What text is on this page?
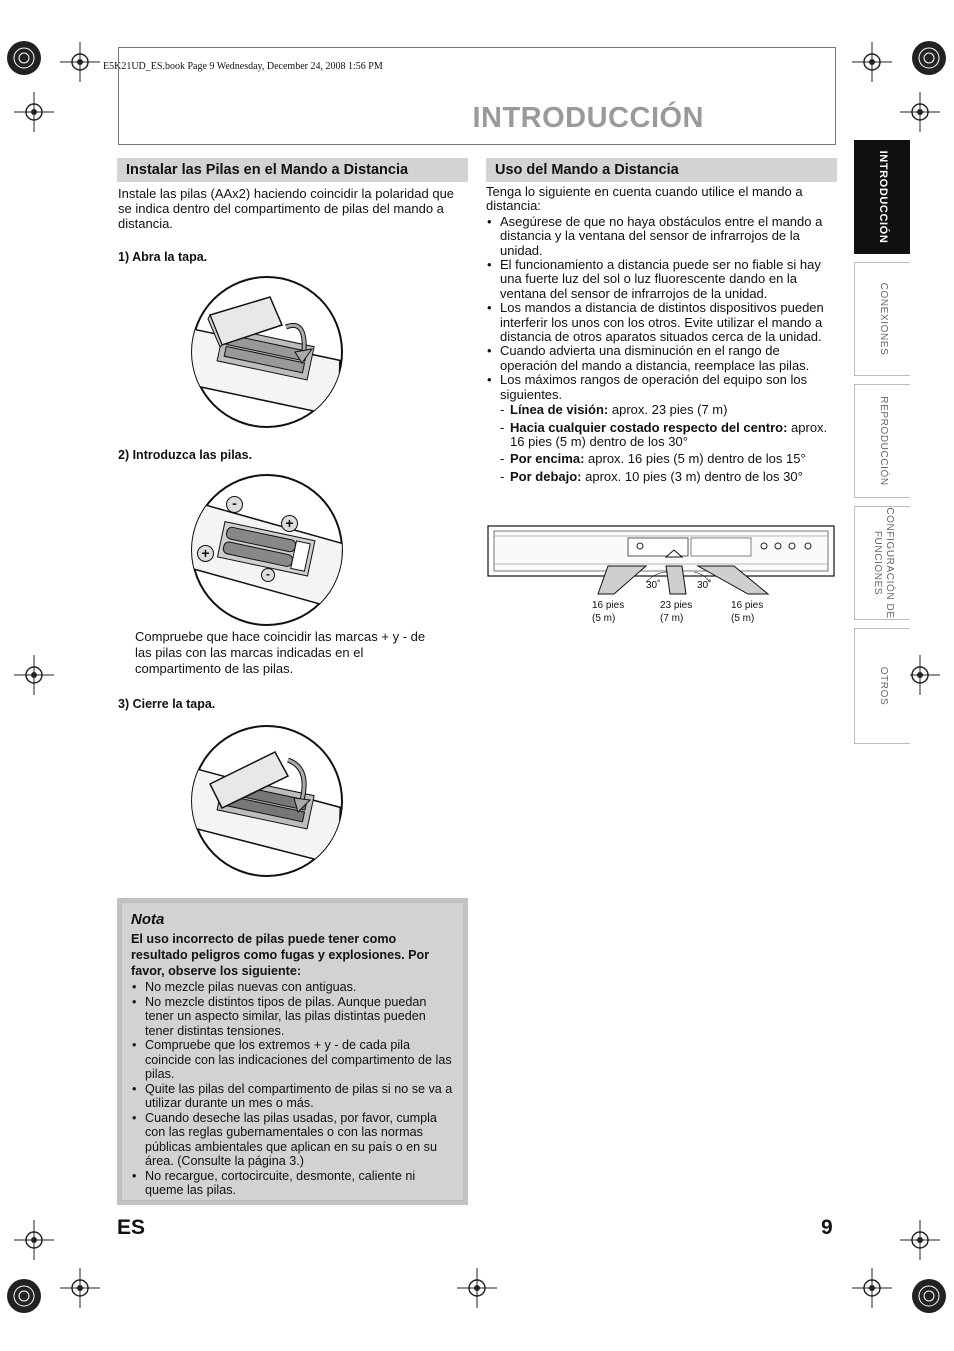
E5K21UD_ES.book Page 9 Wednesday, December 24, 2008 1:56 PM
INTRODUCCIÓN
Instalar las Pilas en el Mando a Distancia
Instale las pilas (AAx2) haciendo coincidir la polaridad que se indica dentro del compartimento de pilas del mando a distancia.
1) Abra la tapa.
2) Introduzca las pilas.
-
+
+
-
Compruebe que hace coincidir las marcas + y - de las pilas con las marcas indicadas en el compartimento de las pilas.
3) Cierre la tapa.
Nota
El uso incorrecto de pilas puede tener como resultado peligros como fugas y explosiones. Por favor, observe los siguiente:
• No mezcle pilas nuevas con antiguas.
• No mezcle distintos tipos de pilas. Aunque puedan tener un aspecto similar, las pilas distintas pueden tener distintas tensiones.
• Compruebe que los extremos + y - de cada pila coincide con las indicaciones del compartimento de las pilas.
• Quite las pilas del compartimento de pilas si no se va a utilizar durante un mes o más.
• Cuando deseche las pilas usadas, por favor, cumpla con las reglas gubernamentales o con las normas públicas ambientales que aplican en su país o en su área. (Consulte la página 3.)
• No recargue, cortocircuite, desmonte, caliente ni queme las pilas.
Uso del Mando a Distancia
Tenga lo siguiente en cuenta cuando utilice el mando a distancia:
• Asegúrese de que no haya obstáculos entre el mando a distancia y la ventana del sensor de infrarrojos de la unidad.
• El funcionamiento a distancia puede ser no fiable si hay una fuerte luz del sol o luz fluorescente dando en la ventana del sensor de infrarrojos de la unidad.
• Los mandos a distancia de distintos dispositivos pueden interferir los unos con los otros. Evite utilizar el mando a distancia de otros aparatos situados cerca de la unidad.
• Cuando advierta una disminución en el rango de operación del mando a distancia, reemplace las pilas.
• Los máximos rangos de operación del equipo son los siguientes.
- Línea de visión: aprox. 23 pies (7 m)
- Hacia cualquier costado respecto del centro: aprox. 16 pies (5 m) dentro de los 30°
- Por encima: aprox. 16 pies (5 m) dentro de los 15°
- Por debajo: aprox. 10 pies (3 m) dentro de los 30°
30˚	30˚
16 pies
(5 m)
23 pies
(7 m)
16 pies
(5 m)
INTRODUCCIÓN
CONEXIONES
REPRODUCCIÓN
CONFIGURACIÓN DE
FUNCIONES
OTROS
ES	9
